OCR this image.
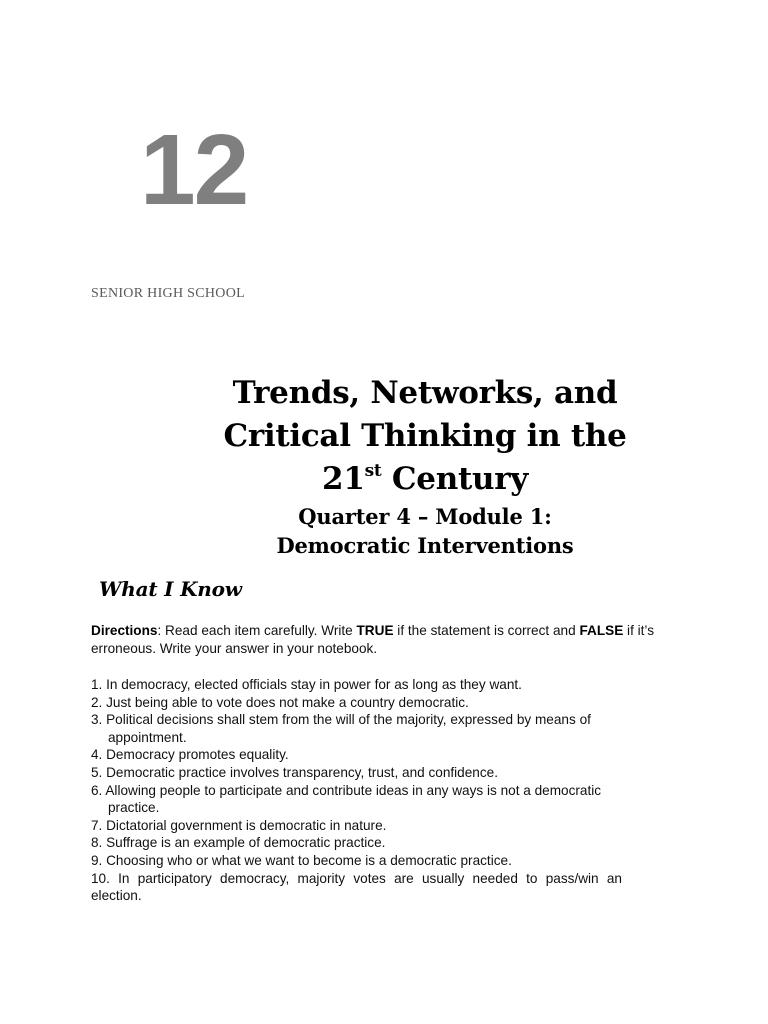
12
SENIOR HIGH SCHOOL
Trends, Networks, and
Critical Thinking in the
21st Century
Quarter 4 – Module 1:
Democratic Interventions
What I Know
Directions: Read each item carefully. Write TRUE if the statement is correct and FALSE if it’s erroneous. Write your answer in your notebook.
1. In democracy, elected officials stay in power for as long as they want.
2. Just being able to vote does not make a country democratic.
3. Political decisions shall stem from the will of the majority, expressed by means of appointment.
4. Democracy promotes equality.
5. Democratic practice involves transparency, trust, and confidence.
6. Allowing people to participate and contribute ideas in any ways is not a democratic practice.
7. Dictatorial government is democratic in nature.
8. Suffrage is an example of democratic practice.
9. Choosing who or what we want to become is a democratic practice.
10. In participatory democracy, majority votes are usually needed to pass/win an election.
